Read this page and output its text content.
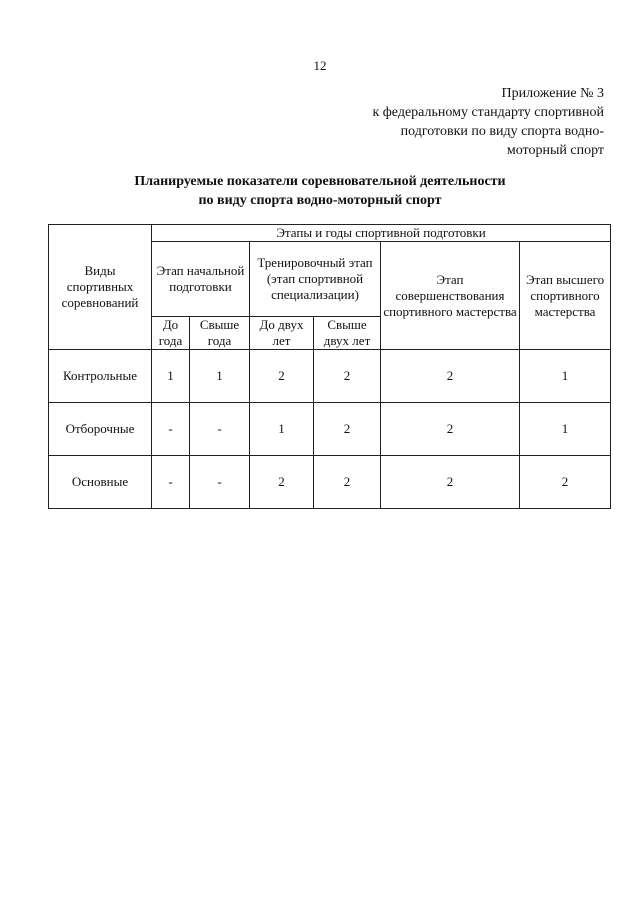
12
Приложение № 3
к федеральному стандарту спортивной
подготовки по виду спорта водно-
моторный спорт
Планируемые показатели соревновательной деятельности
по виду спорта водно-моторный спорт
Виды спортивных соревнований	Этапы и годы спортивной подготовки					
	Этап начальной подготовки		Тренировочный этап (этап спортивной специализации)		Этап совершенствования спортивного мастерства	Этап высшего спортивного мастерства
	До года	Свыше года	До двух лет	Свыше двух лет		
Контрольные	1	1	2	2	2	1
Отборочные	-	-	1	2	2	1
Основные	-	-	2	2	2	2
